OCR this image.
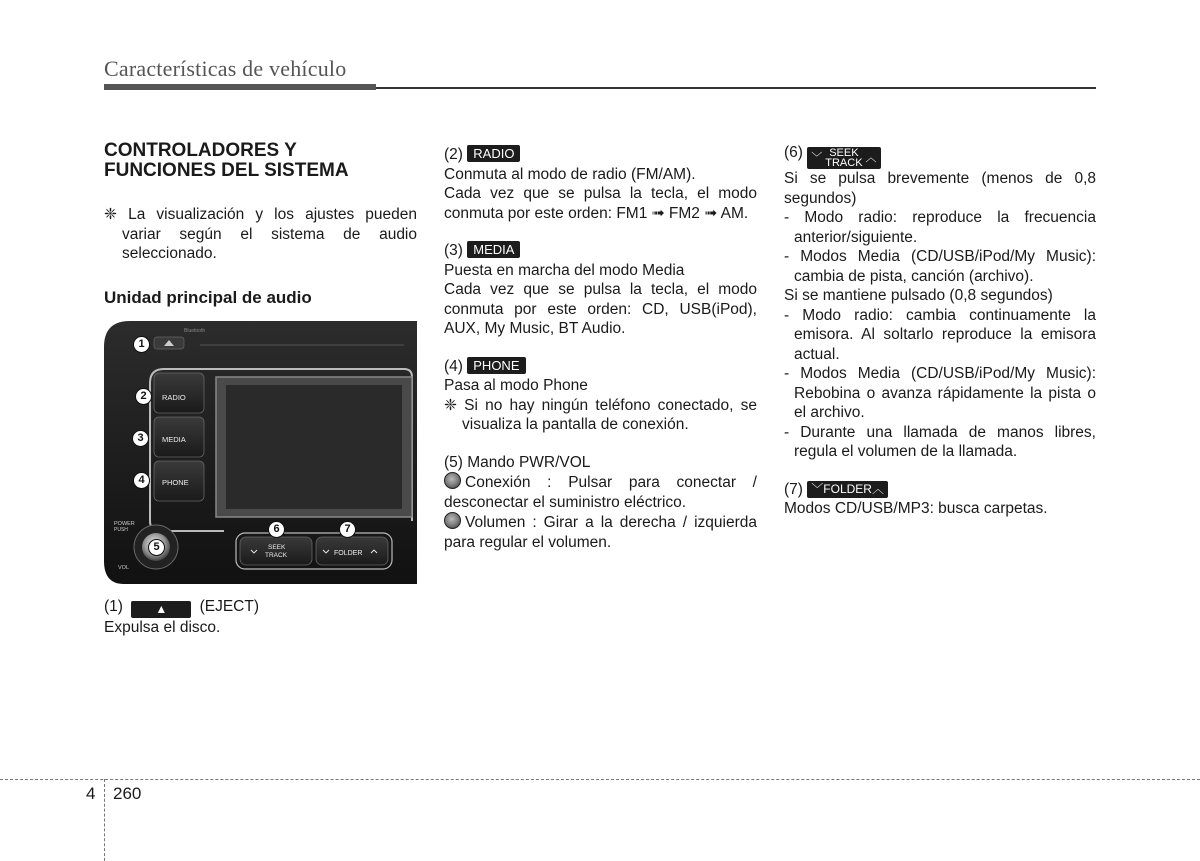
Características de vehículo

CONTROLADORES Y

FUNCIONES DEL SISTEMA

❈ La visualización y los ajustes pueden variar según el sistema de audio seleccionado.

Unidad principal de audio

Bluetooth
RADIO
MEDIA
PHONE
POWER
PUSH
VOL
SEEK
TRACK	FOLDER
1
2
3
4
5
6	7

(1)	▲ (EJECT)

Expulsa el disco.

(2) RADIO

Conmuta al modo de radio (FM/AM).

Cada vez que se pulsa la tecla, el modo conmuta por este orden: FM1 ➟ FM2 ➟ AM.

(3) MEDIA

Puesta en marcha del modo Media

Cada vez que se pulsa la tecla, el modo conmuta por este orden: CD, USB(iPod), AUX, My Music, BT Audio.

(4) PHONE

Pasa al modo Phone

❈ Si no hay ningún teléfono conectado, se visualiza la pantalla de conexión.

(5) Mando PWR/VOL

Conexión : Pulsar para conectar / desconectar el suministro eléctrico.

Volumen : Girar a la derecha / izquierda para regular el volumen.

(6) ﹀ SEEK
TRACK ︿

Si se pulsa brevemente (menos de 0,8 segundos)

- Modo radio: reproduce la frecuencia anterior/siguiente.

- Modos Media (CD/USB/iPod/My Music): cambia de pista, canción (archivo).

Si se mantiene pulsado (0,8 segundos)

- Modo radio: cambia continuamente la emisora. Al soltarlo reproduce la emisora actual.

- Modos Media (CD/USB/iPod/My Music): Rebobina o avanza rápidamente la pista o el archivo.

- Durante una llamada de manos libres, regula el volumen de la llamada.

(7) ﹀FOLDER︿

Modos CD/USB/MP3: busca carpetas.

4 260
